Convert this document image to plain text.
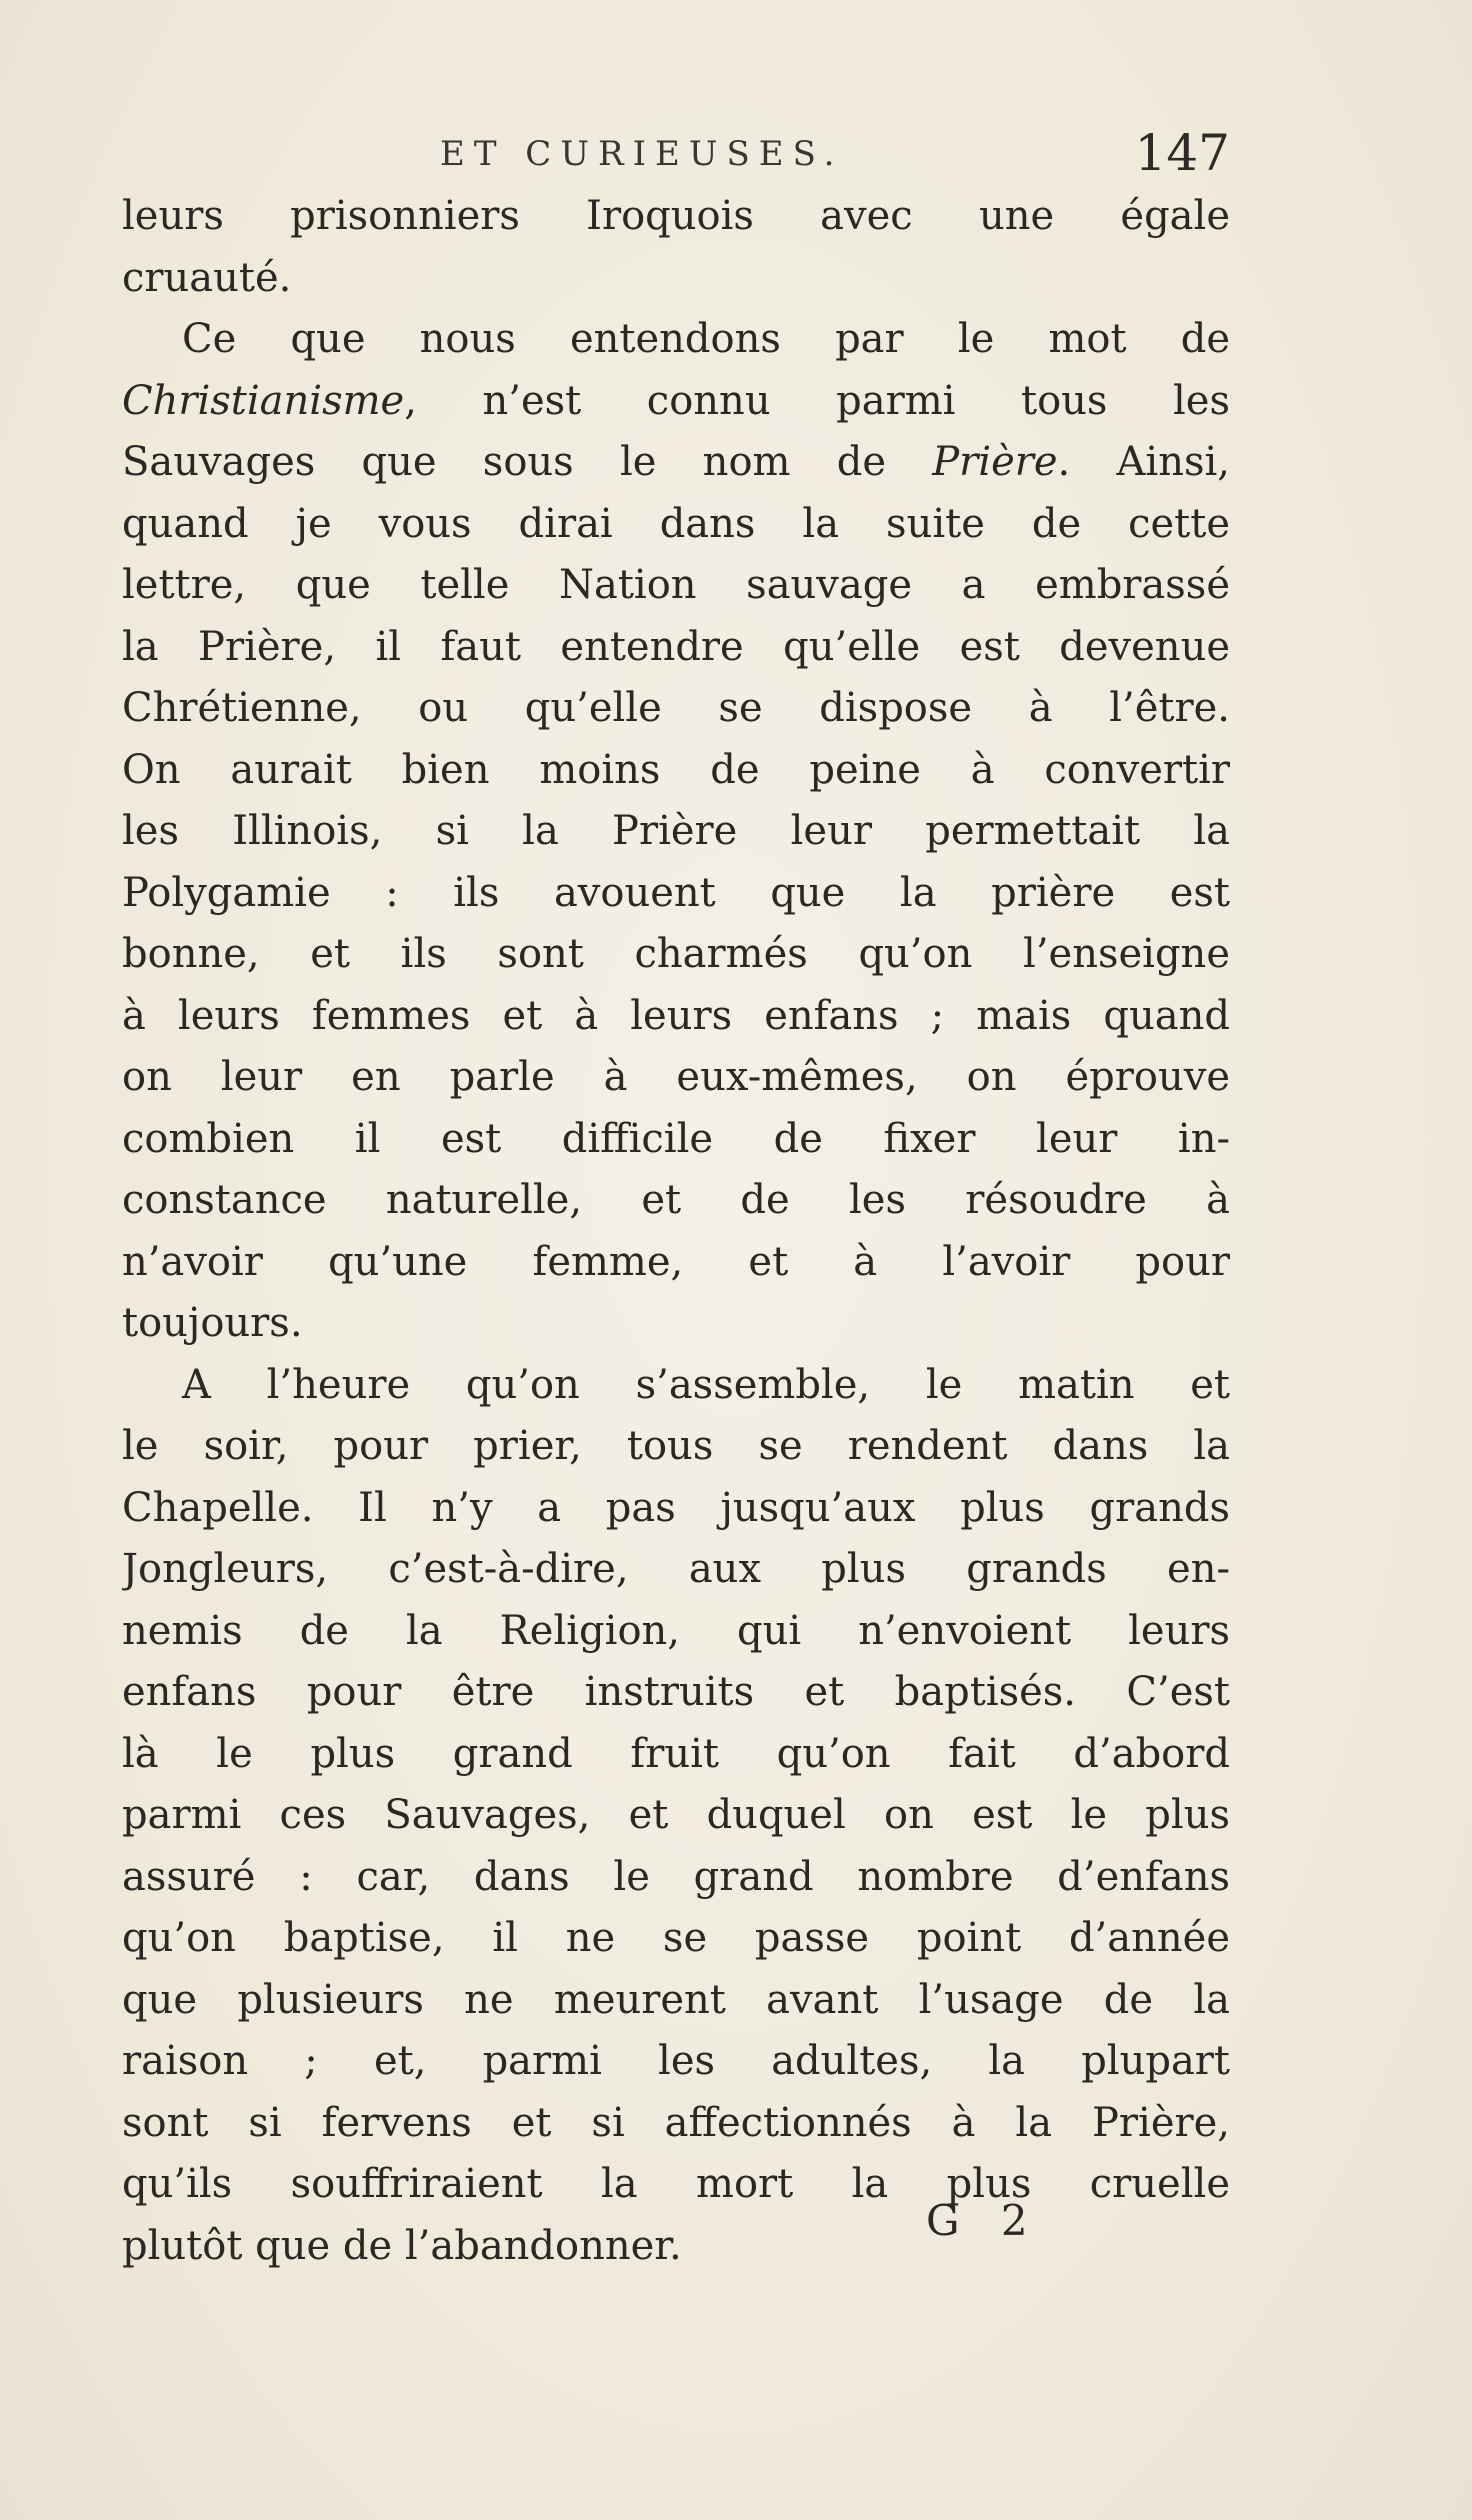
ET CURIEUSES.	147
leurs prisonniers Iroquois avec une égale
cruauté.
Ce que nous entendons par le mot de
Christianisme, n’est connu parmi tous les
Sauvages que sous le nom de Prière. Ainsi,
quand je vous dirai dans la suite de cette
lettre, que telle Nation sauvage a embrassé
la Prière, il faut entendre qu’elle est devenue
Chrétienne, ou qu’elle se dispose à l’être.
On aurait bien moins de peine à convertir
les Illinois, si la Prière leur permettait la
Polygamie : ils avouent que la prière est
bonne, et ils sont charmés qu’on l’enseigne
à leurs femmes et à leurs enfans ; mais quand
on leur en parle à eux-mêmes, on éprouve
combien il est difficile de fixer leur in-
constance naturelle, et de les résoudre à
n’avoir qu’une femme, et à l’avoir pour
toujours.
A l’heure qu’on s’assemble, le matin et
le soir, pour prier, tous se rendent dans la
Chapelle. Il n’y a pas jusqu’aux plus grands
Jongleurs, c’est-à-dire, aux plus grands en-
nemis de la Religion, qui n’envoient leurs
enfans pour être instruits et baptisés. C’est
là le plus grand fruit qu’on fait d’abord
parmi ces Sauvages, et duquel on est le plus
assuré : car, dans le grand nombre d’enfans
qu’on baptise, il ne se passe point d’année
que plusieurs ne meurent avant l’usage de la
raison ; et, parmi les adultes, la plupart
sont si fervens et si affectionnés à la Prière,
qu’ils souffriraient la mort la plus cruelle
plutôt que de l’abandonner.
G 2
